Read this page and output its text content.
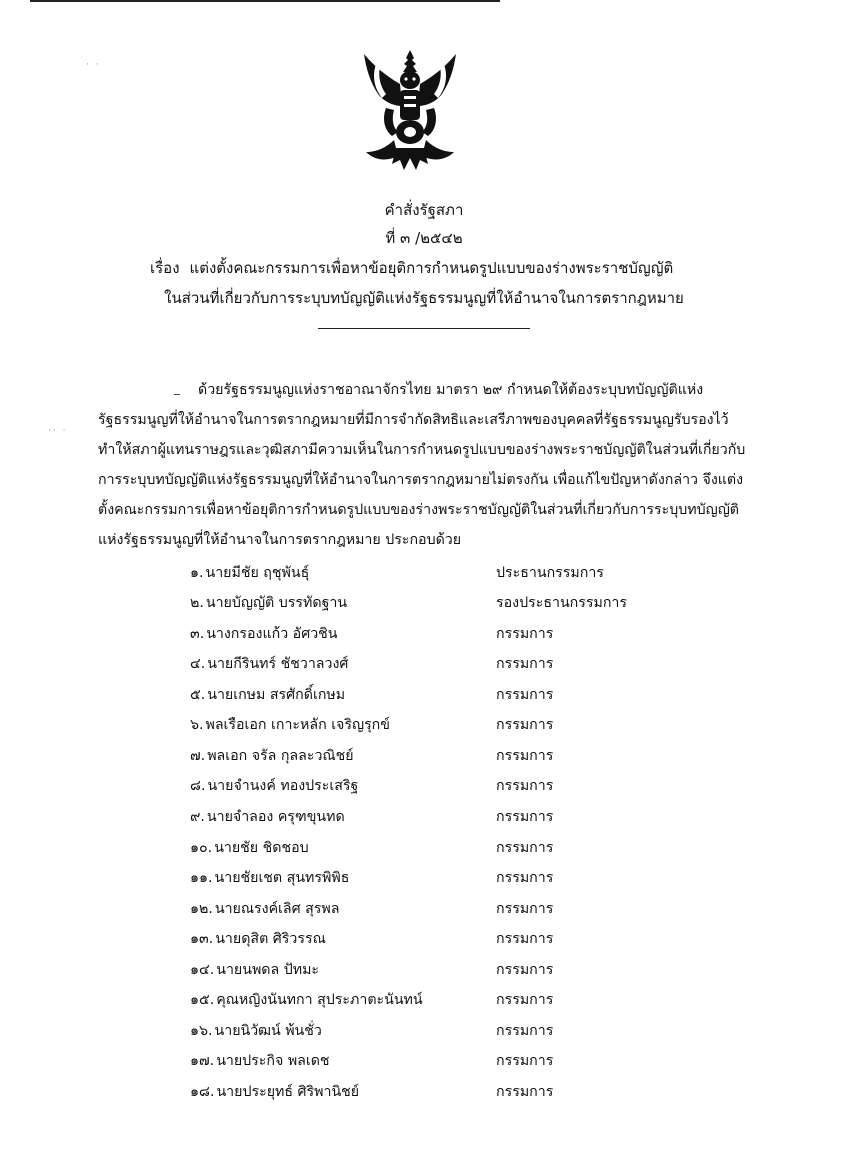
· ·
·· ·
คำสั่งรัฐสภา
ที่ ๓ /๒๕๔๒
เรื่อง แต่งตั้งคณะกรรมการเพื่อหาข้อยุติการกำหนดรูปแบบของร่างพระราชบัญญัติ
ในส่วนที่เกี่ยวกับการระบุบทบัญญัติแห่งรัฐธรรมนูญที่ให้อำนาจในการตรากฎหมาย
ด้วยรัฐธรรมนูญแห่งราชอาณาจักรไทย มาตรา ๒๙ กำหนดให้ต้องระบุบทบัญญัติแห่ง
รัฐธรรมนูญที่ให้อำนาจในการตรากฎหมายที่มีการจำกัดสิทธิและเสรีภาพของบุคคลที่รัฐธรรมนูญรับรองไว้
ทำให้สภาผู้แทนราษฎรและวุฒิสภามีความเห็นในการกำหนดรูปแบบของร่างพระราชบัญญัติในส่วนที่เกี่ยวกับ
การระบุบทบัญญัติแห่งรัฐธรรมนูญที่ให้อำนาจในการตรากฎหมายไม่ตรงกัน เพื่อแก้ไขปัญหาดังกล่าว จึงแต่ง
ตั้งคณะกรรมการเพื่อหาข้อยุติการกำหนดรูปแบบของร่างพระราชบัญญัติในส่วนที่เกี่ยวกับการระบุบทบัญญัติ
แห่งรัฐธรรมนูญที่ให้อำนาจในการตรากฎหมาย ประกอบด้วย
๑. นายมีชัย ฤชุพันธุ์	ประธานกรรมการ
๒. นายบัญญัติ บรรทัดฐาน	รองประธานกรรมการ
๓. นางกรองแก้ว อัศวชิน	กรรมการ
๔. นายกีรินทร์ ชัชวาลวงศ์	กรรมการ
๕. นายเกษม สรศักดิ์เกษม	กรรมการ
๖. พลเรือเอก เกาะหลัก เจริญรุกข์	กรรมการ
๗. พลเอก จรัล กุลละวณิชย์	กรรมการ
๘. นายจำนงค์ ทองประเสริฐ	กรรมการ
๙. นายจำลอง ครุฑขุนทด	กรรมการ
๑๐. นายชัย ชิดชอบ	กรรมการ
๑๑. นายชัยเชต สุนทรพิพิธ	กรรมการ
๑๒. นายณรงค์เลิศ สุรพล	กรรมการ
๑๓. นายดุสิต ศิริวรรณ	กรรมการ
๑๔. นายนพดล ปัทมะ	กรรมการ
๑๕. คุณหญิงนันทกา สุประภาตะนันทน์	กรรมการ
๑๖. นายนิวัฒน์ พ้นชั่ว	กรรมการ
๑๗. นายประกิจ พลเดช	กรรมการ
๑๘. นายประยุทธ์ ศิริพานิชย์	กรรมการ
